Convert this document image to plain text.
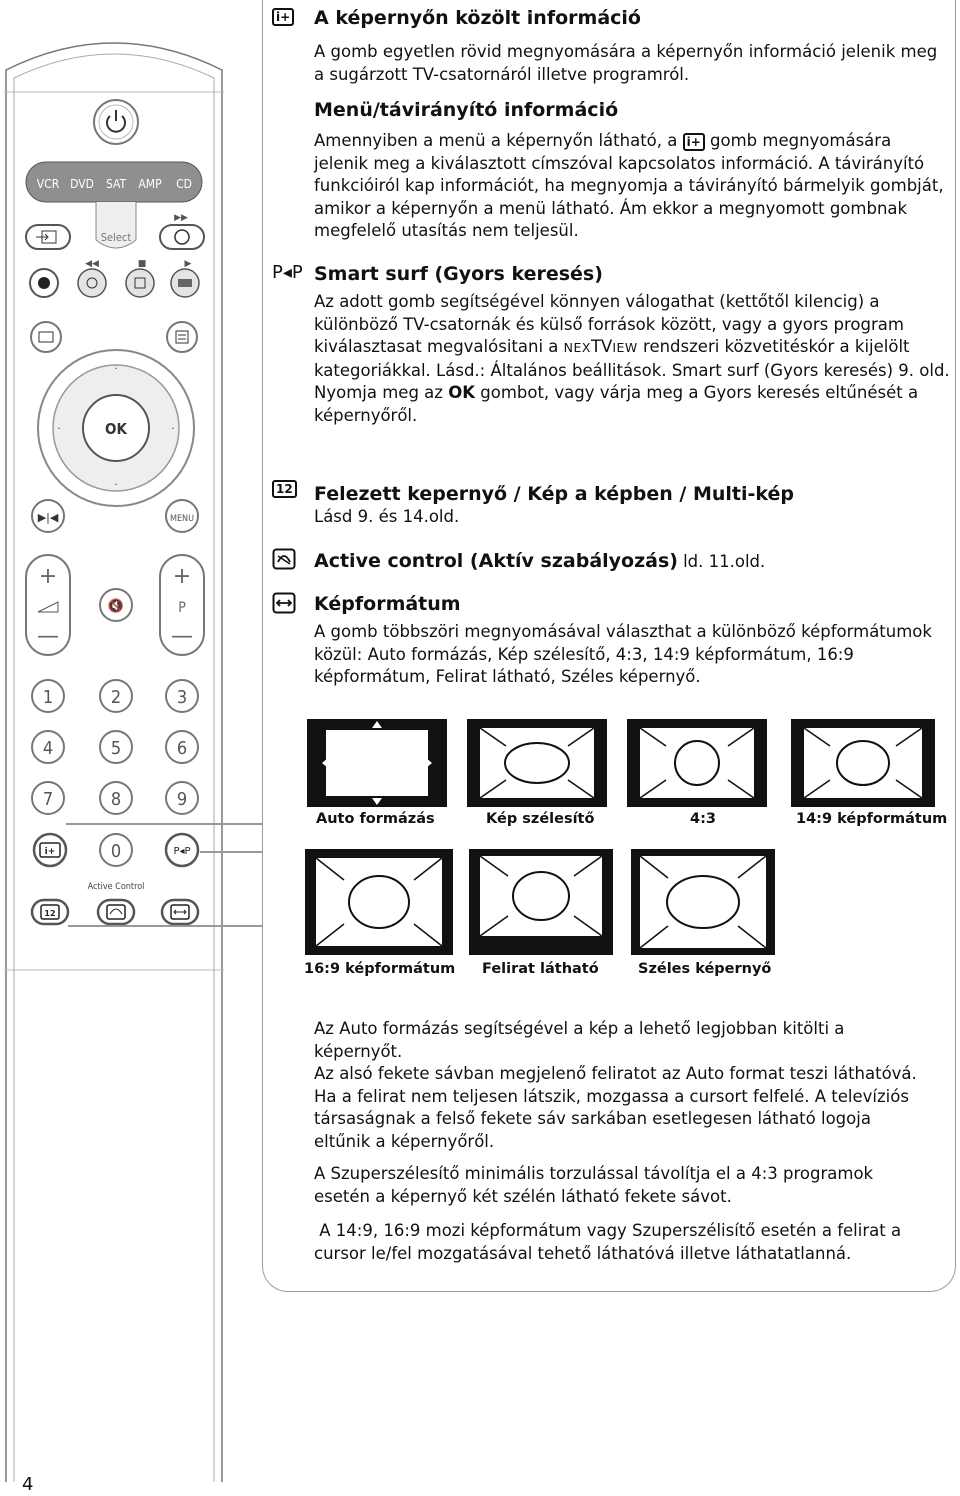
VCR DVD SAT AMP CD
Select
▶▶
◀◀	■	▶
·
·
·	·
OK
▶|◀	MENU
+
—
🔇
+
P
—
1	2	3
4	5	6
7	8	9
0
i+	P◂P
Active Control
12
i+ A képernyőn közölt információ

A gomb egyetlen rövid megnyomására a képernyőn információ jelenik meg a sugárzott TV-csatornáról illetve programról.

Menü/távirányító információ

Amennyiben a menü a képernyőn látható, a i+ gomb megnyomására jelenik meg a kiválasztott címszóval kapcsolatos információ. A távirányító funkcióiról kap információt, ha megnyomja a távirányító bármelyik gombját, amikor a képernyőn a menü látható. Ám ekkor a megnyomott gombnak megfelelő utasítás nem teljesül.

P◂P Smart surf (Gyors keresés)

Az adott gomb segítségével könnyen válogathat (kettőtől kilencig) a különböző TV-csatornák és külső források között, vagy a gyors program kiválasztasat megvalósitani a NEXTVIEW rendszeri közvetitéskór a kijelölt kategoriákkal. Lásd.: Általános beállitások. Smart surf (Gyors keresés) 9. old.

Nyomja meg az OK gombot, vagy várja meg a Gyors keresés eltűnését a képernyőről.

12 Felezett kepernyő / Kép a képben / Multi-kép

Lásd 9. és 14.old.

Active control (Aktív szabályozás) ld. 11.old.
Képformátum

A gomb többszöri megnyomásával választhat a különböző képformátumok közül: Auto formázás, Kép szélesítő, 4:3, 14:9 képformátum, 16:9 képformátum, Felirat látható, Széles képernyő.

Auto formázás	Kép szélesítő	4:3	14:9 képformátum
16:9 képformátum Felirat látható	Széles képernyő

Az Auto formázás segítségével a kép a lehető legjobban kitölti a képernyőt.

Az alsó fekete sávban megjelenő feliratot az Auto format teszi láthatóvá. Ha a felirat nem teljesen látszik, mozgassa a cursort felfelé. A televíziós társaságnak a felső fekete sáv sarkában esetlegesen látható logoja eltűnik a képernyőről.

A Szuperszélesítő minimális torzulással távolítja el a 4:3 programok esetén a képernyő két szélén látható fekete sávot.

A 14:9, 16:9 mozi képformátum vagy Szuperszélisítő esetén a felirat a cursor le/fel mozgatásával tehető láthatóvá illetve láthatatlanná.

4
